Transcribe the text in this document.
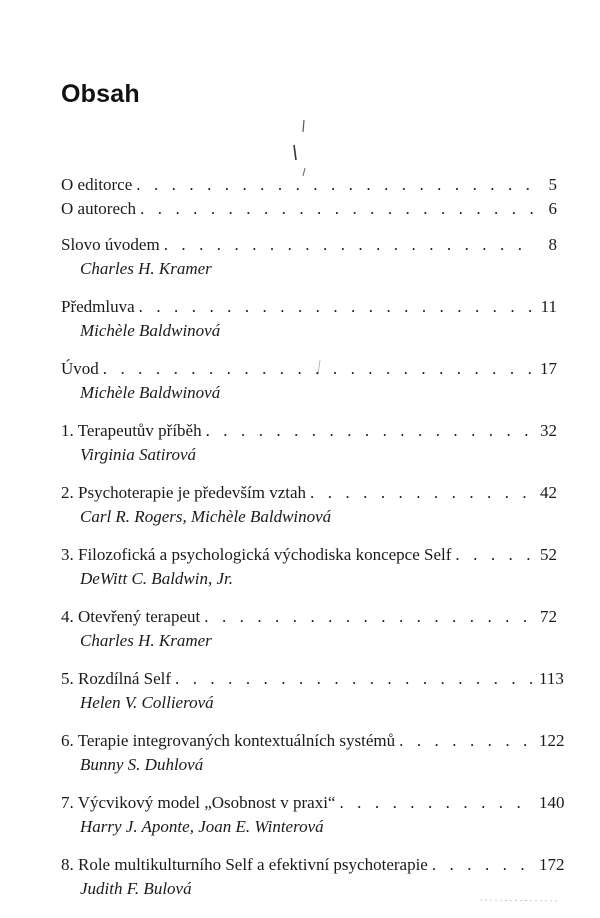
Obsah
O editorce . . .	5
O autorech . . .	6
Slovo úvodem . . .	8
Charles H. Kramer
Předmluva . . .	11
Michèle Baldwinová
Úvod . . .	17
Michèle Baldwinová
1. Terapeutův příběh . . .	32
Virginia Satirová
2. Psychoterapie je především vztah . . .	42
Carl R. Rogers, Michèle Baldwinová
3. Filozofická a psychologická východiska koncepce Self . . .	52
DeWitt C. Baldwin, Jr.
4. Otevřený terapeut . . .	72
Charles H. Kramer
5. Rozdílná Self . . .	113
Helen V. Collierová
6. Terapie integrovaných kontextuálních systémů . . .	122
Bunny S. Duhlová
7. Výcvikový model „Osobnost v praxi“ . . .	140
Harry J. Aponte, Joan E. Winterová
8. Role multikulturního Self a efektivní psychoterapie . . .	172
Judith F. Bulová
